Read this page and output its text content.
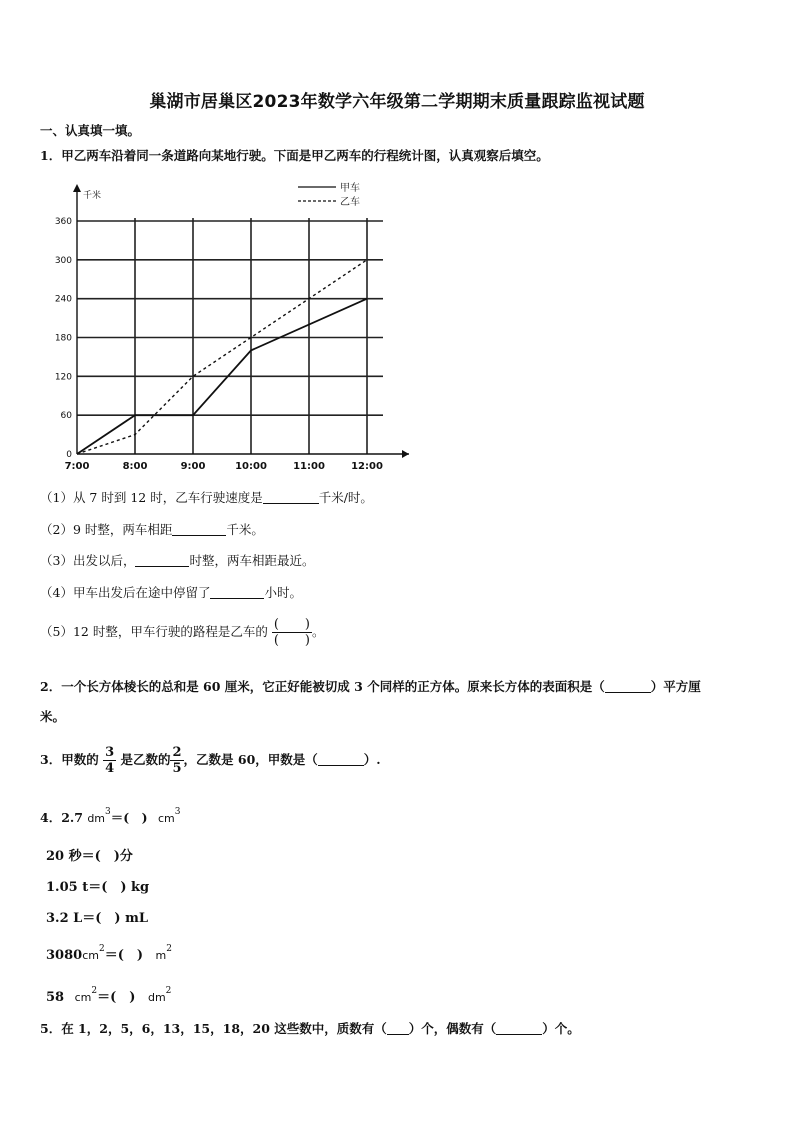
巢湖市居巢区2023年数学六年级第二学期期末质量跟踪监视试题
一、认真填一填。
1．甲乙两车沿着同一条道路向某地行驶。下面是甲乙两车的行程统计图，认真观察后填空。
千米
0
60
120
180
240
300
360
7:00	8:00	9:00	10:00	11:00	12:00
甲车
乙车
（1）从 7 时到 12 时，乙车行驶速度是	千米/时。
（2）9 时整，两车相距	千米。
（3）出发以后，	时整，两车相距最近。
（4）甲车出发后在途中停留了	小时。
（5）12 时整，甲车行驶的路程是乙车的 $\frac{( )}{( )}$ 。
2．一个长方体棱长的总和是 60 厘米，它正好能被切成 3 个同样的正方体。原来长方体的表面积是（	）平方厘
米。
3．甲数的 $\frac{3}{4}$ 是乙数的 $\frac{2}{5}$ ，乙数是 60，甲数是（	）.
4．2.7 $dm^3=$(　) $cm^3$
20 秒＝(　)分
1.05 t＝(　) kg
3.2 L＝(　) mL
$3080cm^2=$(　) $m^2$
58 $cm^2=$(　) $dm^2$
5．在 1，2，5，6，13，15，18，20 这些数中，质数有（ ）个，偶数有（	）个。
